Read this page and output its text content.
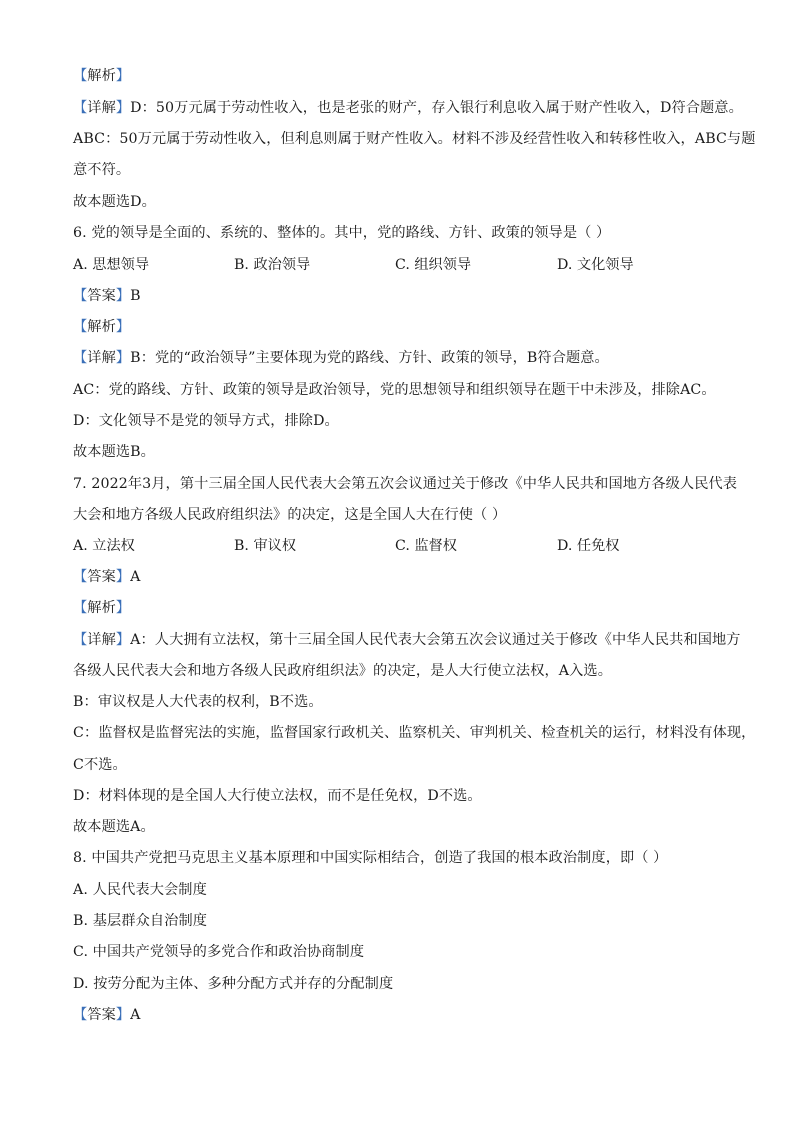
【解析】
【详解】D：50万元属于劳动性收入，也是老张的财产，存入银行利息收入属于财产性收入，D符合题意。
ABC：50万元属于劳动性收入，但利息则属于财产性收入。材料不涉及经营性收入和转移性收入，ABC与题
意不符。
故本题选D。
6. 党的领导是全面的、系统的、整体的。其中，党的路线、方针、政策的领导是（ ）
A. 思想领导	B. 政治领导	C. 组织领导	D. 文化领导
【答案】B
【解析】
【详解】B：党的“政治领导”主要体现为党的路线、方针、政策的领导，B符合题意。
AC：党的路线、方针、政策的领导是政治领导，党的思想领导和组织领导在题干中未涉及，排除AC。
D：文化领导不是党的领导方式，排除D。
故本题选B。
7. 2022年3月，第十三届全国人民代表大会第五次会议通过关于修改《中华人民共和国地方各级人民代表
大会和地方各级人民政府组织法》的决定，这是全国人大在行使（ ）
A. 立法权	B. 审议权	C. 监督权	D. 任免权
【答案】A
【解析】
【详解】A：人大拥有立法权，第十三届全国人民代表大会第五次会议通过关于修改《中华人民共和国地方
各级人民代表大会和地方各级人民政府组织法》的决定，是人大行使立法权，A入选。
B：审议权是人大代表的权利，B不选。
C：监督权是监督宪法的实施，监督国家行政机关、监察机关、审判机关、检查机关的运行，材料没有体现，
C不选。
D：材料体现的是全国人大行使立法权，而不是任免权，D不选。
故本题选A。
8. 中国共产党把马克思主义基本原理和中国实际相结合，创造了我国的根本政治制度，即（ ）
A. 人民代表大会制度
B. 基层群众自治制度
C. 中国共产党领导的多党合作和政治协商制度
D. 按劳分配为主体、多种分配方式并存的分配制度
【答案】A
